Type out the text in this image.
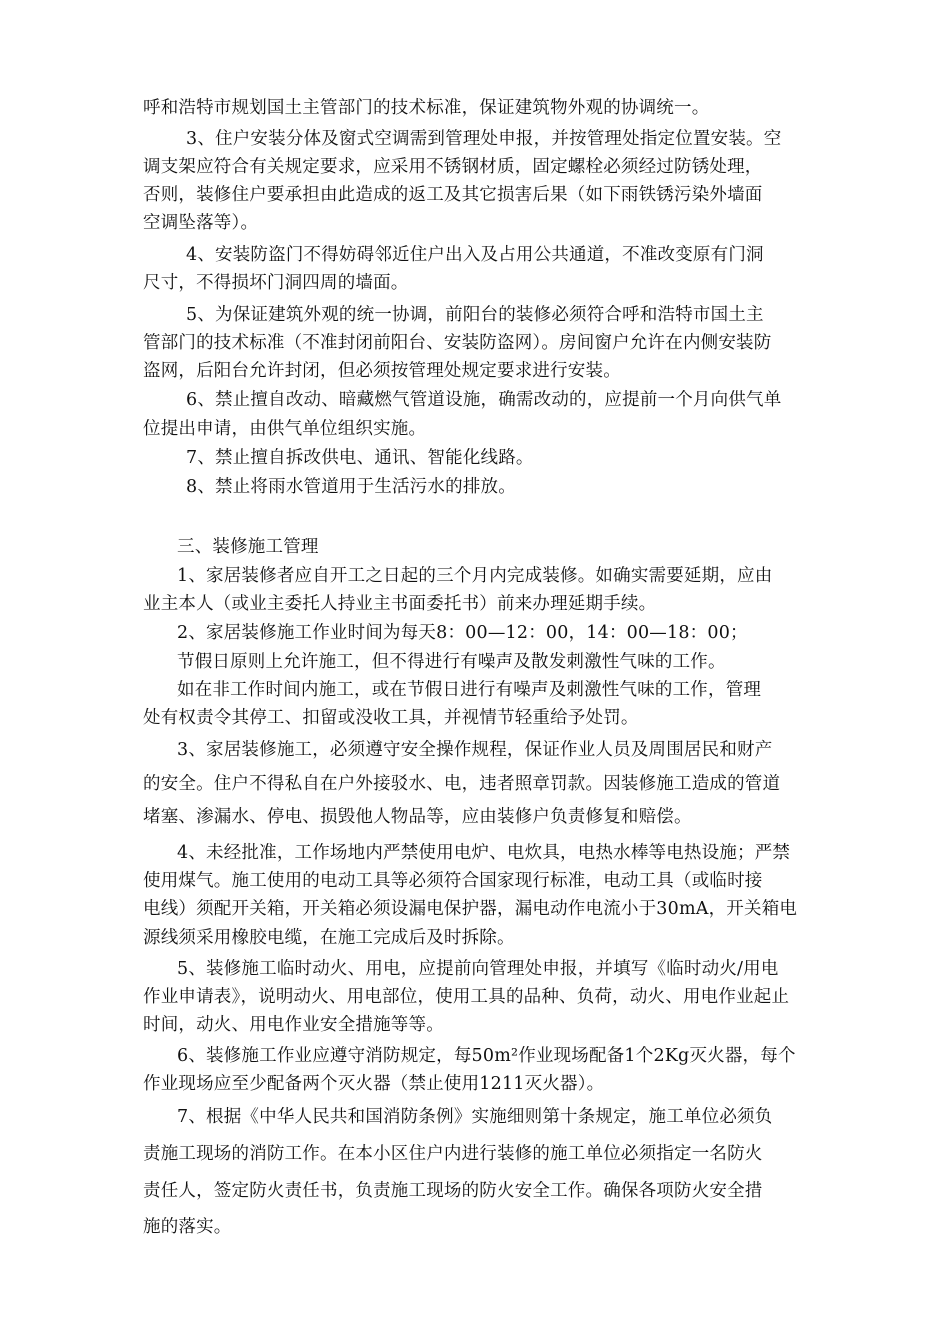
呼和浩特市规划国土主管部门的技术标准，保证建筑物外观的协调统一。
3、住户安装分体及窗式空调需到管理处申报，并按管理处指定位置安装。空
调支架应符合有关规定要求，应采用不锈钢材质，固定螺栓必须经过防锈处理，
否则，装修住户要承担由此造成的返工及其它损害后果（如下雨铁锈污染外墙面
空调坠落等）。
4、安装防盗门不得妨碍邻近住户出入及占用公共通道，不准改变原有门洞
尺寸，不得损坏门洞四周的墙面。
5、为保证建筑外观的统一协调，前阳台的装修必须符合呼和浩特市国土主
管部门的技术标准（不准封闭前阳台、安装防盗网）。房间窗户允许在内侧安装防
盗网，后阳台允许封闭，但必须按管理处规定要求进行安装。
6、禁止擅自改动、暗藏燃气管道设施，确需改动的，应提前一个月向供气单
位提出申请，由供气单位组织实施。
7、禁止擅自拆改供电、通讯、智能化线路。
8、禁止将雨水管道用于生活污水的排放。
三、装修施工管理
1、家居装修者应自开工之日起的三个月内完成装修。如确实需要延期，应由
业主本人（或业主委托人持业主书面委托书）前来办理延期手续。
2、家居装修施工作业时间为每天8：00—12：00，14：00—18：00；
节假日原则上允许施工，但不得进行有噪声及散发刺激性气味的工作。
如在非工作时间内施工，或在节假日进行有噪声及刺激性气味的工作，管理
处有权责令其停工、扣留或没收工具，并视情节轻重给予处罚。
3、家居装修施工，必须遵守安全操作规程，保证作业人员及周围居民和财产
的安全。住户不得私自在户外接驳水、电，违者照章罚款。因装修施工造成的管道
堵塞、渗漏水、停电、损毁他人物品等，应由装修户负责修复和赔偿。
4、未经批准，工作场地内严禁使用电炉、电炊具，电热水棒等电热设施；严禁
使用煤气。施工使用的电动工具等必须符合国家现行标准，电动工具（或临时接
电线）须配开关箱，开关箱必须设漏电保护器，漏电动作电流小于30mA，开关箱电
源线须采用橡胶电缆，在施工完成后及时拆除。
5、装修施工临时动火、用电，应提前向管理处申报，并填写《临时动火/用电
作业申请表》，说明动火、用电部位，使用工具的品种、负荷，动火、用电作业起止
时间，动火、用电作业安全措施等等。
6、装修施工作业应遵守消防规定，每50m²作业现场配备1个2Kg灭火器，每个
作业现场应至少配备两个灭火器（禁止使用1211灭火器）。
7、根据《中华人民共和国消防条例》实施细则第十条规定，施工单位必须负
责施工现场的消防工作。在本小区住户内进行装修的施工单位必须指定一名防火
责任人，签定防火责任书，负责施工现场的防火安全工作。确保各项防火安全措
施的落实。
